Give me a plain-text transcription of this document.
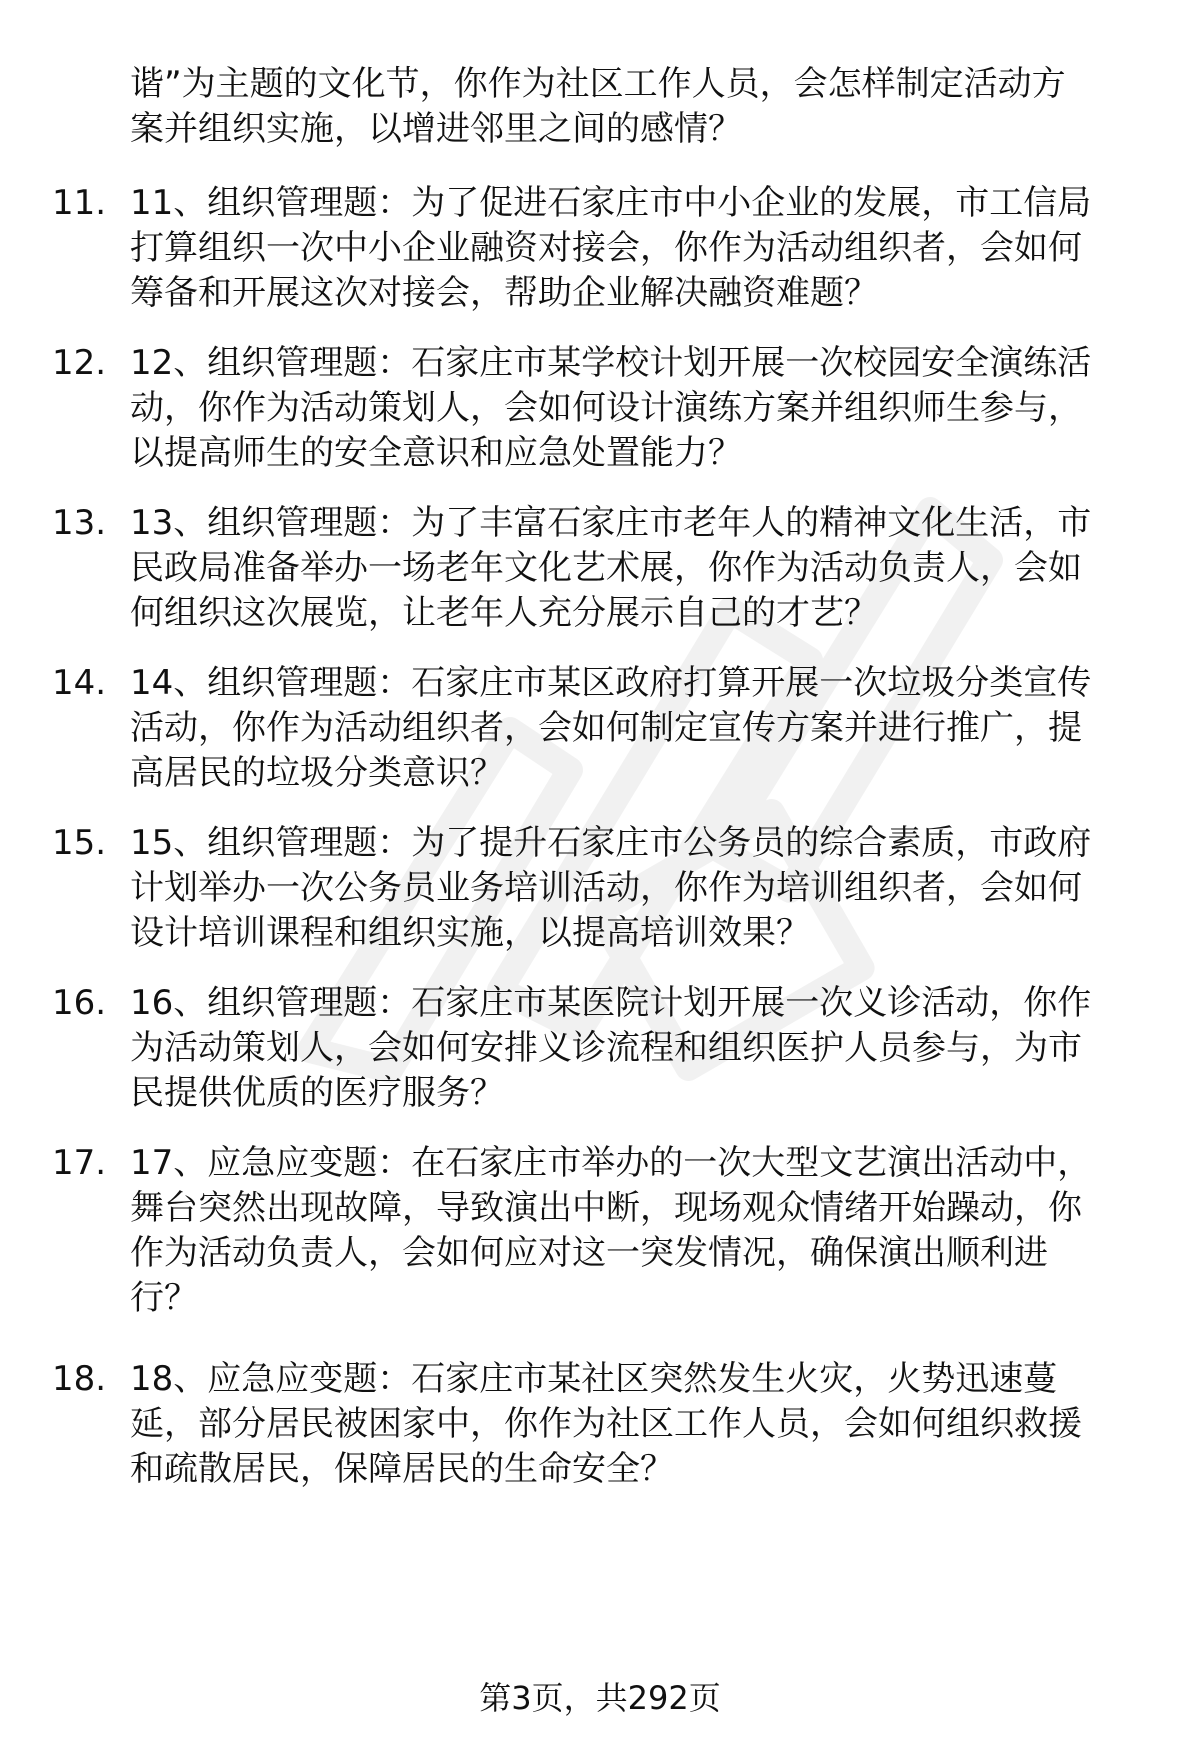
谐”为主题的文化节，你作为社区工作人员，会怎样制定活动方
案并组织实施，以增进邻里之间的感情？
11. 11、组织管理题：为了促进石家庄市中小企业的发展，市工信局
打算组织一次中小企业融资对接会，你作为活动组织者，会如何
筹备和开展这次对接会，帮助企业解决融资难题？
12. 12、组织管理题：石家庄市某学校计划开展一次校园安全演练活
动，你作为活动策划人，会如何设计演练方案并组织师生参与，
以提高师生的安全意识和应急处置能力？
13. 13、组织管理题：为了丰富石家庄市老年人的精神文化生活，市
民政局准备举办一场老年文化艺术展，你作为活动负责人，会如
何组织这次展览，让老年人充分展示自己的才艺？
14. 14、组织管理题：石家庄市某区政府打算开展一次垃圾分类宣传
活动，你作为活动组织者，会如何制定宣传方案并进行推广，提
高居民的垃圾分类意识？
15. 15、组织管理题：为了提升石家庄市公务员的综合素质，市政府
计划举办一次公务员业务培训活动，你作为培训组织者，会如何
设计培训课程和组织实施，以提高培训效果？
16. 16、组织管理题：石家庄市某医院计划开展一次义诊活动，你作
为活动策划人，会如何安排义诊流程和组织医护人员参与，为市
民提供优质的医疗服务？
17. 17、应急应变题：在石家庄市举办的一次大型文艺演出活动中，
舞台突然出现故障，导致演出中断，现场观众情绪开始躁动，你
作为活动负责人，会如何应对这一突发情况，确保演出顺利进
行？
18. 18、应急应变题：石家庄市某社区突然发生火灾，火势迅速蔓
延，部分居民被困家中，你作为社区工作人员，会如何组织救援
和疏散居民，保障居民的生命安全？
第3页，共292页
